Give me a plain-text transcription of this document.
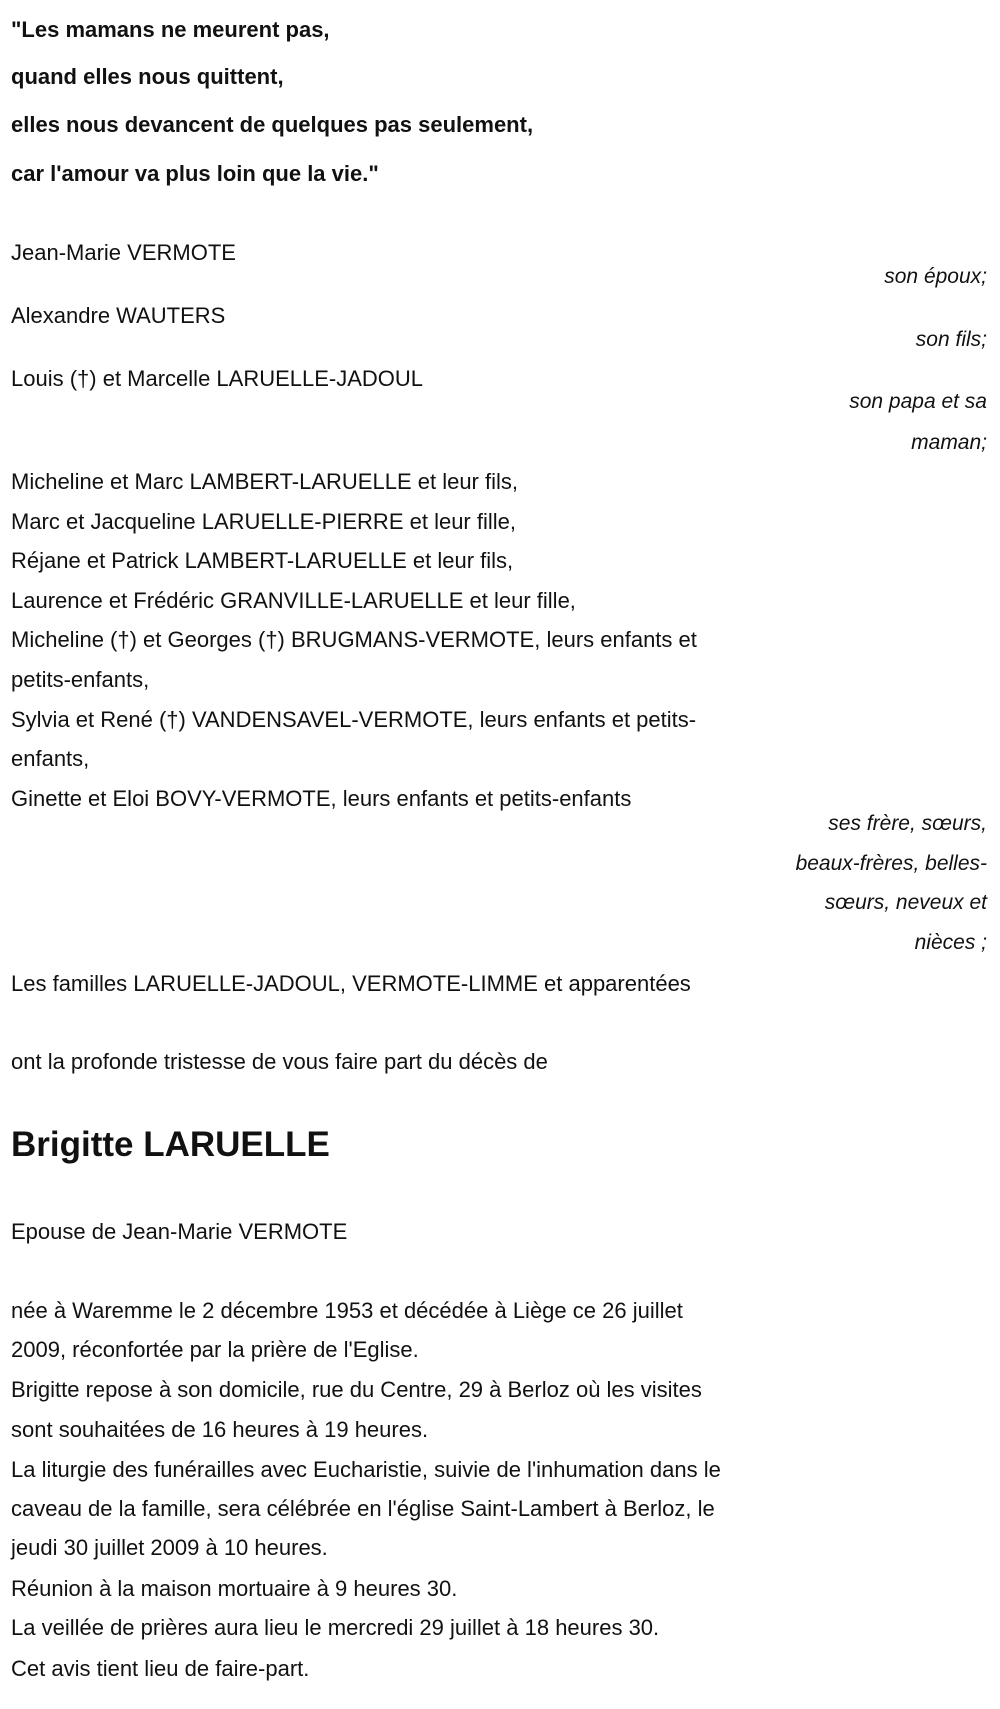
"Les mamans ne meurent pas,
quand elles nous quittent,
elles nous devancent de quelques pas seulement,
car l'amour va plus loin que la vie."
Jean-Marie VERMOTE
son époux;
Alexandre WAUTERS
son fils;
Louis (†) et Marcelle LARUELLE-JADOUL
son papa et sa
maman;
Micheline et Marc LAMBERT-LARUELLE et leur fils,
Marc et Jacqueline LARUELLE-PIERRE et leur fille,
Réjane et Patrick LAMBERT-LARUELLE et leur fils,
Laurence et Frédéric GRANVILLE-LARUELLE et leur fille,
Micheline (†) et Georges (†) BRUGMANS-VERMOTE, leurs enfants et
petits-enfants,
Sylvia et René (†) VANDENSAVEL-VERMOTE, leurs enfants et petits-
enfants,
Ginette et Eloi BOVY-VERMOTE, leurs enfants et petits-enfants
ses frère, sœurs,
beaux-frères, belles-
sœurs, neveux et
nièces ;
Les familles LARUELLE-JADOUL, VERMOTE-LIMME et apparentées
ont la profonde tristesse de vous faire part du décès de
Brigitte LARUELLE
Epouse de Jean-Marie VERMOTE
née à Waremme le 2 décembre 1953 et décédée à Liège ce 26 juillet
2009, réconfortée par la prière de l'Eglise.
Brigitte repose à son domicile, rue du Centre, 29 à Berloz où les visites
sont souhaitées de 16 heures à 19 heures.
La liturgie des funérailles avec Eucharistie, suivie de l'inhumation dans le
caveau de la famille, sera célébrée en l'église Saint-Lambert à Berloz, le
jeudi 30 juillet 2009 à 10 heures.
Réunion à la maison mortuaire à 9 heures 30.
La veillée de prières aura lieu le mercredi 29 juillet à 18 heures 30.
Cet avis tient lieu de faire-part.
